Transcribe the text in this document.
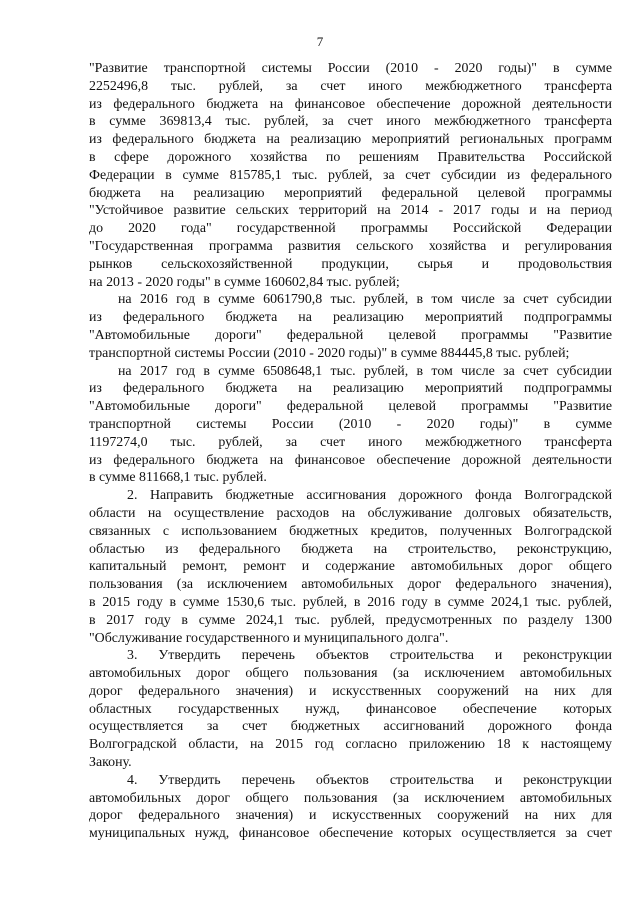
7
"Развитие транспортной системы России (2010 - 2020 годы)" в сумме
2252496,8 тыс. рублей, за счет иного межбюджетного трансферта
из федерального бюджета на финансовое обеспечение дорожной деятельности
в сумме 369813,4 тыс. рублей, за счет иного межбюджетного трансферта
из федерального бюджета на реализацию мероприятий региональных программ
в сфере дорожного хозяйства по решениям Правительства Российской
Федерации в сумме 815785,1 тыс. рублей, за счет субсидии из федерального
бюджета на реализацию мероприятий федеральной целевой программы
"Устойчивое развитие сельских территорий на 2014 - 2017 годы и на период
до 2020 года" государственной программы Российской Федерации
"Государственная программа развития сельского хозяйства и регулирования
рынков сельскохозяйственной продукции, сырья и продовольствия
на 2013 - 2020 годы" в сумме 160602,84 тыс. рублей;
на 2016 год в сумме 6061790,8 тыс. рублей, в том числе за счет субсидии
из федерального бюджета на реализацию мероприятий подпрограммы
"Автомобильные дороги" федеральной целевой программы "Развитие
транспортной системы России (2010 - 2020 годы)" в сумме 884445,8 тыс. рублей;
на 2017 год в сумме 6508648,1 тыс. рублей, в том числе за счет субсидии
из федерального бюджета на реализацию мероприятий подпрограммы
"Автомобильные дороги" федеральной целевой программы "Развитие
транспортной системы России (2010 - 2020 годы)" в сумме
1197274,0 тыс. рублей, за счет иного межбюджетного трансферта
из федерального бюджета на финансовое обеспечение дорожной деятельности
в сумме 811668,1 тыс. рублей.
2. Направить бюджетные ассигнования дорожного фонда Волгоградской
области на осуществление расходов на обслуживание долговых обязательств,
связанных с использованием бюджетных кредитов, полученных Волгоградской
областью из федерального бюджета на строительство, реконструкцию,
капитальный ремонт, ремонт и содержание автомобильных дорог общего
пользования (за исключением автомобильных дорог федерального значения),
в 2015 году в сумме 1530,6 тыс. рублей, в 2016 году в сумме 2024,1 тыс. рублей,
в 2017 году в сумме 2024,1 тыс. рублей, предусмотренных по разделу 1300
"Обслуживание государственного и муниципального долга".
3. Утвердить перечень объектов строительства и реконструкции
автомобильных дорог общего пользования (за исключением автомобильных
дорог федерального значения) и искусственных сооружений на них для
областных государственных нужд, финансовое обеспечение которых
осуществляется за счет бюджетных ассигнований дорожного фонда
Волгоградской области, на 2015 год согласно приложению 18 к настоящему
Закону.
4. Утвердить перечень объектов строительства и реконструкции
автомобильных дорог общего пользования (за исключением автомобильных
дорог федерального значения) и искусственных сооружений на них для
муниципальных нужд, финансовое обеспечение которых осуществляется за счет
